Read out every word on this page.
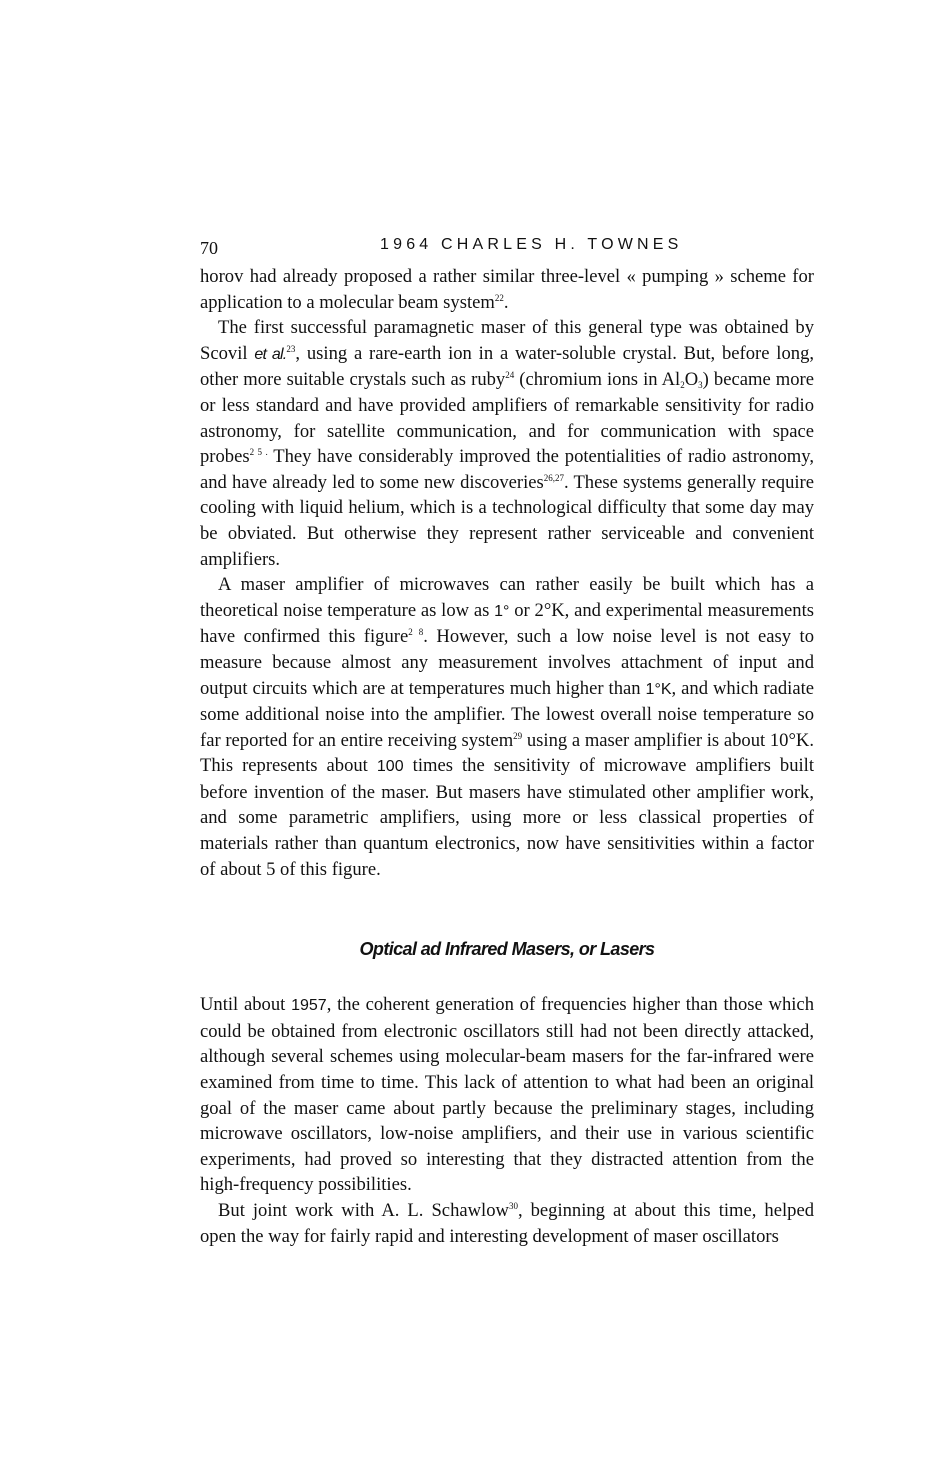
70	1964 CHARLES H. TOWNES

horov had already proposed a rather similar three-level « pumping » scheme for application to a molecular beam system$^{22}$.

The first successful paramagnetic maser of this general type was obtained by Scovil et al.$^{23}$, using a rare-earth ion in a water-soluble crystal. But, before long, other more suitable crystals such as ruby$^{24}$ (chromium ions in $Al_2O_3$) became more or less standard and have provided amplifiers of remarkable sensitivity for radio astronomy, for satellite communication, and for communication with space probes$^{2 5 .}$ They have considerably improved the potentialities of radio astronomy, and have already led to some new discoveries$^{26,27}$. These systems generally require cooling with liquid helium, which is a technological difficulty that some day may be obviated. But otherwise they represent rather serviceable and convenient amplifiers.

A maser amplifier of microwaves can rather easily be built which has a theoretical noise temperature as low as 1° or 2°K, and experimental measurements have confirmed this figure$^{2 8}$. However, such a low noise level is not easy to measure because almost any measurement involves attachment of input and output circuits which are at temperatures much higher than 1°K, and which radiate some additional noise into the amplifier. The lowest overall noise temperature so far reported for an entire receiving system$^{29}$ using a maser amplifier is about 10°K. This represents about 100 times the sensitivity of microwave amplifiers built before invention of the maser. But masers have stimulated other amplifier work, and some parametric amplifiers, using more or less classical properties of materials rather than quantum electronics, now have sensitivities within a factor of about 5 of this figure.

Optical ad Infrared Masers, or Lasers

Until about 1957, the coherent generation of frequencies higher than those which could be obtained from electronic oscillators still had not been directly attacked, although several schemes using molecular-beam masers for the far-infrared were examined from time to time. This lack of attention to what had been an original goal of the maser came about partly because the preliminary stages, including microwave oscillators, low-noise amplifiers, and their use in various scientific experiments, had proved so interesting that they distracted attention from the high-frequency possibilities.

But joint work with A. L. Schawlow$^{30}$, beginning at about this time, helped open the way for fairly rapid and interesting development of maser oscillators
